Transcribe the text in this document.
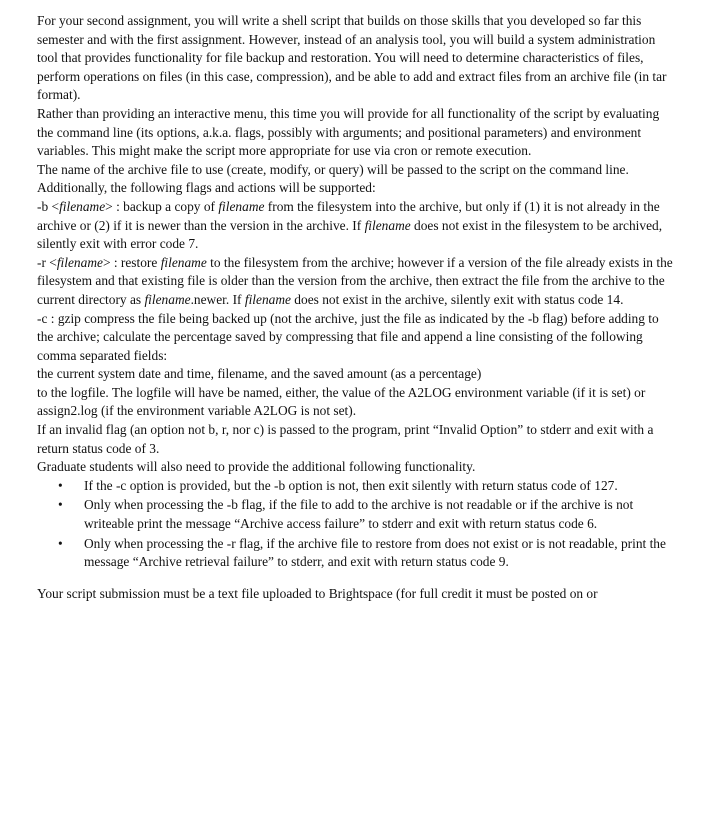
For your second assignment, you will write a shell script that builds on those skills that you developed so far this semester and with the first assignment. However, instead of an analysis tool, you will build a system administration tool that provides functionality for file backup and restoration. You will need to determine characteristics of files, perform operations on files (in this case, compression), and be able to add and extract files from an archive file (in tar format).

Rather than providing an interactive menu, this time you will provide for all functionality of the script by evaluating the command line (its options, a.k.a. flags, possibly with arguments; and positional parameters) and environment variables. This might make the script more appropriate for use via cron or remote execution.

The name of the archive file to use (create, modify, or query) will be passed to the script on the command line. Additionally, the following flags and actions will be supported:

-b <filename> : backup a copy of filename from the filesystem into the archive, but only if (1) it is not already in the archive or (2) if it is newer than the version in the archive. If filename does not exist in the filesystem to be archived, silently exit with error code 7.

-r <filename> : restore filename to the filesystem from the archive; however if a version of the file already exists in the filesystem and that existing file is older than the version from the archive, then extract the file from the archive to the current directory as filename.newer. If filename does not exist in the archive, silently exit with status code 14.

-c : gzip compress the file being backed up (not the archive, just the file as indicated by the -b flag) before adding to the archive; calculate the percentage saved by compressing that file and append a line consisting of the following comma separated fields:

the current system date and time, filename, and the saved amount (as a percentage)

to the logfile. The logfile will have be named, either, the value of the A2LOG environment variable (if it is set) or assign2.log (if the environment variable A2LOG is not set).

If an invalid flag (an option not b, r, nor c) is passed to the program, print “Invalid Option” to stderr and exit with a return status code of 3.

Graduate students will also need to provide the additional following functionality.

• If the -c option is provided, but the -b option is not, then exit silently with return status code of 127.
• Only when processing the -b flag, if the file to add to the archive is not readable or if the archive is not writeable print the message “Archive access failure” to stderr and exit with return status code 6.
• Only when processing the -r flag, if the archive file to restore from does not exist or is not readable, print the message “Archive retrieval failure” to stderr, and exit with return status code 9.

Your script submission must be a text file uploaded to Brightspace (for full credit it must be posted on or
